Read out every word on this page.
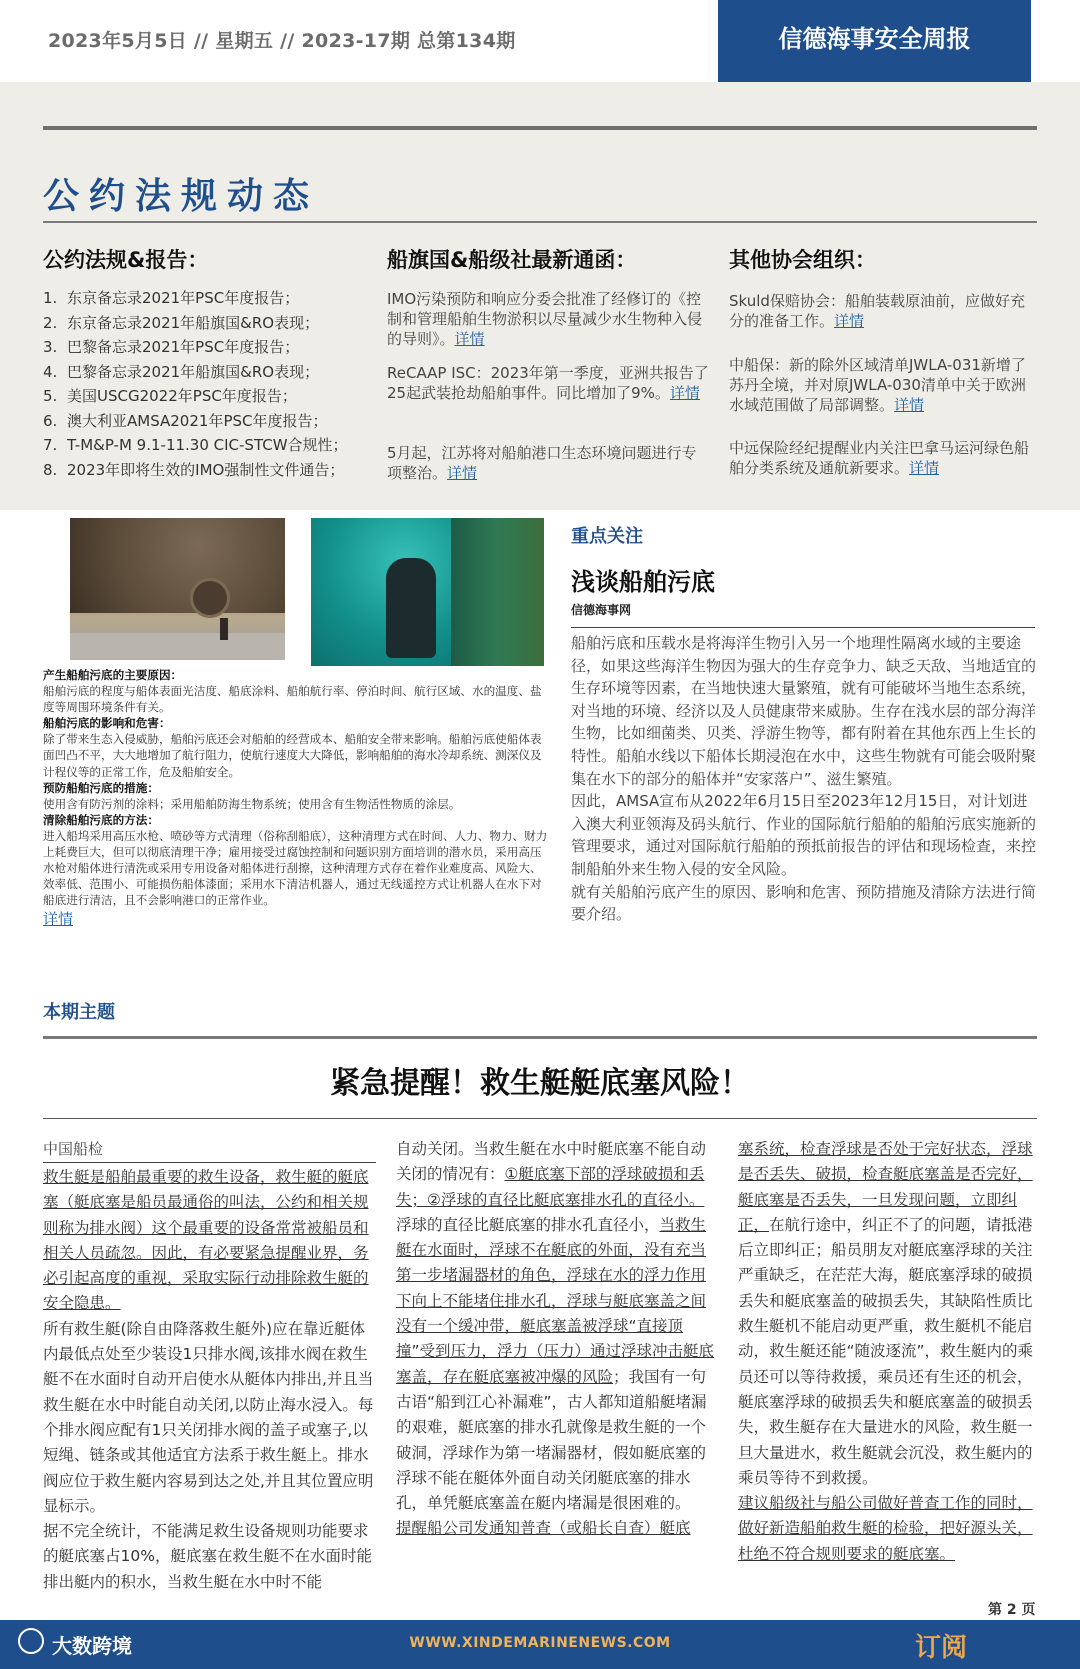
2023年5月5日 // 星期五 // 2023-17期 总第134期	信德海事安全周报
公约法规动态
公约法规&报告：	船旗国&船级社最新通函：	其他协会组织：
1. 东京备忘录2021年PSC年度报告；
2. 东京备忘录2021年船旗国&RO表现；
3. 巴黎备忘录2021年PSC年度报告；
4. 巴黎备忘录2021年船旗国&RO表现；
5. 美国USCG2022年PSC年度报告；
6. 澳大利亚AMSA2021年PSC年度报告；
7. T-M&P-M 9.1-11.30 CIC-STCW合规性；
8. 2023年即将生效的IMO强制性文件通告；
IMO污染预防和响应分委会批准了经修订的《控制和管理船舶生物淤积以尽量减少水生物种入侵的导则》。详情
ReCAAP ISC：2023年第一季度，亚洲共报告了25起武装抢劫船舶事件。同比增加了9%。详情
5月起，江苏将对船舶港口生态环境问题进行专项整治。详情
Skuld保赔协会：船舶装载原油前，应做好充分的准备工作。详情
中船保：新的除外区域清单JWLA-031新增了苏丹全境，并对原JWLA-030清单中关于欧洲水域范围做了局部调整。详情
中远保险经纪提醒业内关注巴拿马运河绿色船舶分类系统及通航新要求。详情

产生船舶污底的主要原因：

船舶污底的程度与船体表面光洁度、船底涂料、船舶航行率、停泊时间、航行区域、水的温度、盐度等周围环境条件有关。

船舶污底的影响和危害：

除了带来生态入侵威胁，船舶污底还会对船舶的经营成本、船舶安全带来影响。船舶污底使船体表面凹凸不平，大大地增加了航行阻力，使航行速度大大降低，影响船舶的海水冷却系统、测深仪及计程仪等的正常工作，危及船舶安全。

预防船舶污底的措施：

使用含有防污剂的涂料；采用船舶防海生物系统；使用含有生物活性物质的涂层。

清除船舶污底的方法：

进入船坞采用高压水枪、喷砂等方式清理（俗称刮船底），这种清理方式在时间、人力、物力、财力上耗费巨大，但可以彻底清理干净；雇用接受过腐蚀控制和问题识别方面培训的潜水员，采用高压水枪对船体进行清洗或采用专用设备对船体进行刮擦，这种清理方式存在着作业难度高、风险大、效率低、范围小、可能损伤船体漆面；采用水下清洁机器人，通过无线遥控方式让机器人在水下对船底进行清洁，且不会影响港口的正常作业。

详情

重点关注
浅谈船舶污底
信德海事网

船舶污底和压载水是将海洋生物引入另一个地理性隔离水域的主要途径，如果这些海洋生物因为强大的生存竞争力、缺乏天敌、当地适宜的生存环境等因素，在当地快速大量繁殖，就有可能破坏当地生态系统，对当地的环境、经济以及人员健康带来威胁。生存在浅水层的部分海洋生物，比如细菌类、贝类、浮游生物等，都有附着在其他东西上生长的特性。船舶水线以下船体长期浸泡在水中，这些生物就有可能会吸附聚集在水下的部分的船体并“安家落户”、滋生繁殖。

因此，AMSA宣布从2022年6月15日至2023年12月15日，对计划进入澳大利亚领海及码头航行、作业的国际航行船舶的船舶污底实施新的管理要求，通过对国际航行船舶的预抵前报告的评估和现场检查，来控制船舶外来生物入侵的安全风险。

就有关船舶污底产生的原因、影响和危害、预防措施及清除方法进行简要介绍。

本期主题
紧急提醒！救生艇艇底塞风险！
中国船检

救生艇是船舶最重要的救生设备，救生艇的艇底塞（艇底塞是船员最通俗的叫法，公约和相关规则称为排水阀）这个最重要的设备常常被船员和相关人员疏忽。因此，有必要紧急提醒业界，务必引起高度的重视，采取实际行动排除救生艇的安全隐患。

所有救生艇(除自由降落救生艇外)应在靠近艇体内最低点处至少装设1只排水阀,该排水阀在救生艇不在水面时自动开启使水从艇体内排出,并且当救生艇在水中时能自动关闭,以防止海水浸入。每个排水阀应配有1只关闭排水阀的盖子或塞子,以短绳、链条或其他适宜方法系于救生艇上。排水阀应位于救生艇内容易到达之处,并且其位置应明显标示。

据不完全统计，不能满足救生设备规则功能要求的艇底塞占10%，艇底塞在救生艇不在水面时能排出艇内的积水，当救生艇在水中时不能

自动关闭。当救生艇在水中时艇底塞不能自动关闭的情况有：①艇底塞下部的浮球破损和丢失；②浮球的直径比艇底塞排水孔的直径小。

浮球的直径比艇底塞的排水孔直径小，当救生艇在水面时，浮球不在艇底的外面，没有充当第一步堵漏器材的角色，浮球在水的浮力作用下向上不能堵住排水孔，浮球与艇底塞盖之间没有一个缓冲带，艇底塞盖被浮球“直接顶撞”受到压力，浮力（压力）通过浮球冲击艇底塞盖，存在艇底塞被冲爆的风险；我国有一句古语“船到江心补漏难”，古人都知道船艇堵漏的艰难，艇底塞的排水孔就像是救生艇的一个破洞，浮球作为第一堵漏器材，假如艇底塞的浮球不能在艇体外面自动关闭艇底塞的排水孔，单凭艇底塞盖在艇内堵漏是很困难的。

提醒船公司发通知普查（或船长自查）艇底

塞系统，检查浮球是否处于完好状态，浮球是否丢失、破损，检查艇底塞盖是否完好，艇底塞是否丢失，一旦发现问题，立即纠正，在航行途中，纠正不了的问题，请抵港后立即纠正；船员朋友对艇底塞浮球的关注严重缺乏，在茫茫大海，艇底塞浮球的破损丢失和艇底塞盖的破损丢失，其缺陷性质比救生艇机不能启动更严重，救生艇机不能启动，救生艇还能“随波逐流”，救生艇内的乘员还可以等待救援，乘员还有生还的机会，艇底塞浮球的破损丢失和艇底塞盖的破损丢失，救生艇存在大量进水的风险，救生艇一旦大量进水，救生艇就会沉没，救生艇内的乘员等待不到救援。

建议船级社与船公司做好普查工作的同时，做好新造船舶救生艇的检验，把好源头关，杜绝不符合规则要求的艇底塞。

第 2 页
大数跨境	WWW.XINDEMARINENEWS.COM	订阅
